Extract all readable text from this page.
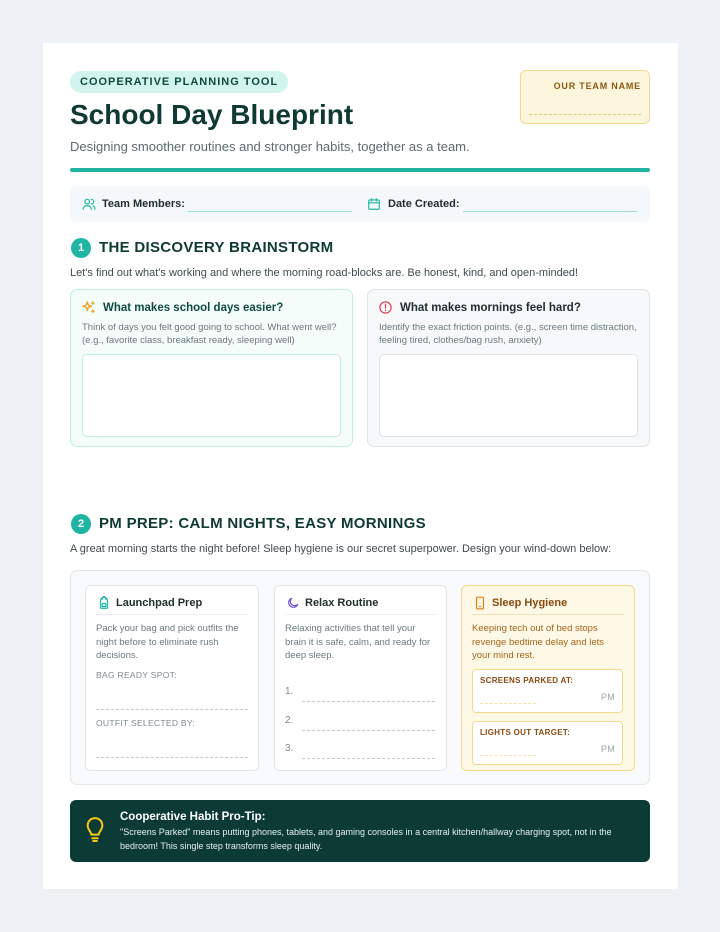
COOPERATIVE PLANNING TOOL
School Day Blueprint
Designing smoother routines and stronger habits, together as a team.
OUR TEAM NAME
Team Members:	Date Created:
1 THE DISCOVERY BRAINSTORM
Let's find out what's working and where the morning road-blocks are. Be honest, kind, and open-minded!
What makes school days easier?
Think of days you felt good going to school. What went well? (e.g., favorite class, breakfast ready, sleeping well)
What makes mornings feel hard?
Identify the exact friction points. (e.g., screen time distraction, feeling tired, clothes/bag rush, anxiety)
2 PM PREP: CALM NIGHTS, EASY MORNINGS
A great morning starts the night before! Sleep hygiene is our secret superpower. Design your wind-down below:
Launchpad Prep
Pack your bag and pick outfits the night before to eliminate rush decisions.
BAG READY SPOT:
OUTFIT SELECTED BY:
Relax Routine
Relaxing activities that tell your brain it is safe, calm, and ready for deep sleep.
1.
2.
3.
Sleep Hygiene
Keeping tech out of bed stops revenge bedtime delay and lets your mind rest.
SCREENS PARKED AT:
PM
LIGHTS OUT TARGET:
PM
Cooperative Habit Pro-Tip:
"Screens Parked" means putting phones, tablets, and gaming consoles in a central kitchen/hallway charging spot, not in the bedroom! This single step transforms sleep quality.
